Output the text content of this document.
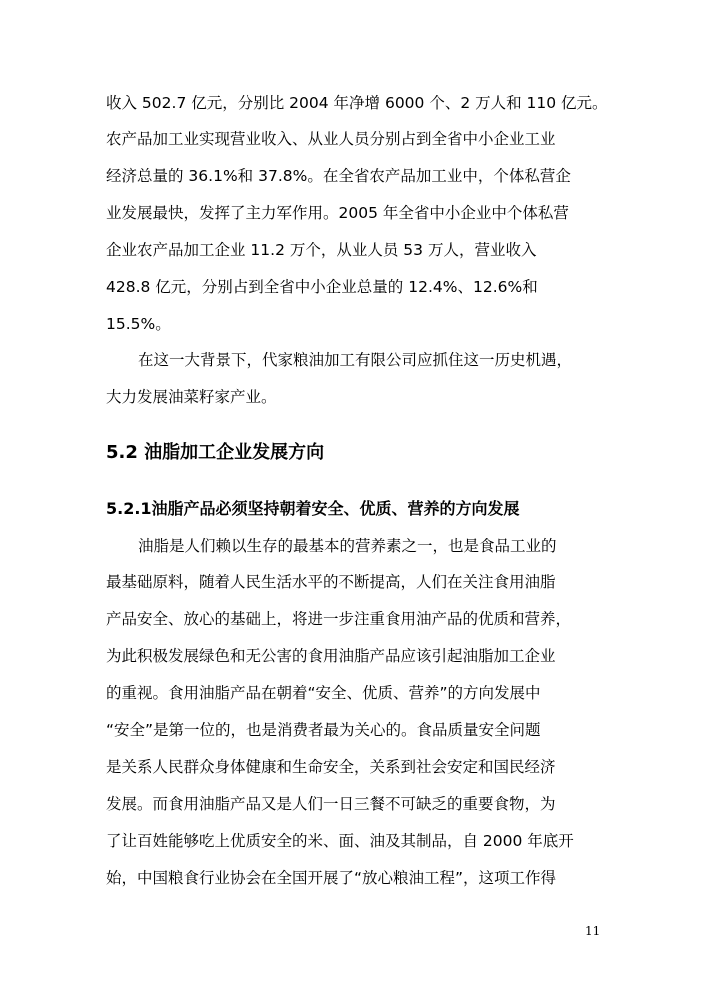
收入 502.7 亿元，分别比 2004 年净增 6000 个、2 万人和 110 亿元。
农产品加工业实现营业收入、从业人员分别占到全省中小企业工业
经济总量的 36.1%和 37.8%。在全省农产品加工业中，个体私营企
业发展最快，发挥了主力军作用。2005 年全省中小企业中个体私营
企业农产品加工企业 11.2 万个，从业人员 53 万人，营业收入
428.8 亿元，分别占到全省中小企业总量的 12.4%、12.6%和
15.5%。
在这一大背景下，代家粮油加工有限公司应抓住这一历史机遇，
大力发展油菜籽家产业。
5.2 油脂加工企业发展方向
5.2.1油脂产品必须坚持朝着安全、优质、营养的方向发展
油脂是人们赖以生存的最基本的营养素之一，也是食品工业的
最基础原料，随着人民生活水平的不断提高，人们在关注食用油脂
产品安全、放心的基础上，将进一步注重食用油产品的优质和营养，
为此积极发展绿色和无公害的食用油脂产品应该引起油脂加工企业
的重视。食用油脂产品在朝着“安全、优质、营养”的方向发展中
“安全”是第一位的，也是消费者最为关心的。食品质量安全问题
是关系人民群众身体健康和生命安全，关系到社会安定和国民经济
发展。而食用油脂产品又是人们一日三餐不可缺乏的重要食物，为
了让百姓能够吃上优质安全的米、面、油及其制品，自 2000 年底开
始，中国粮食行业协会在全国开展了“放心粮油工程”，这项工作得
11
